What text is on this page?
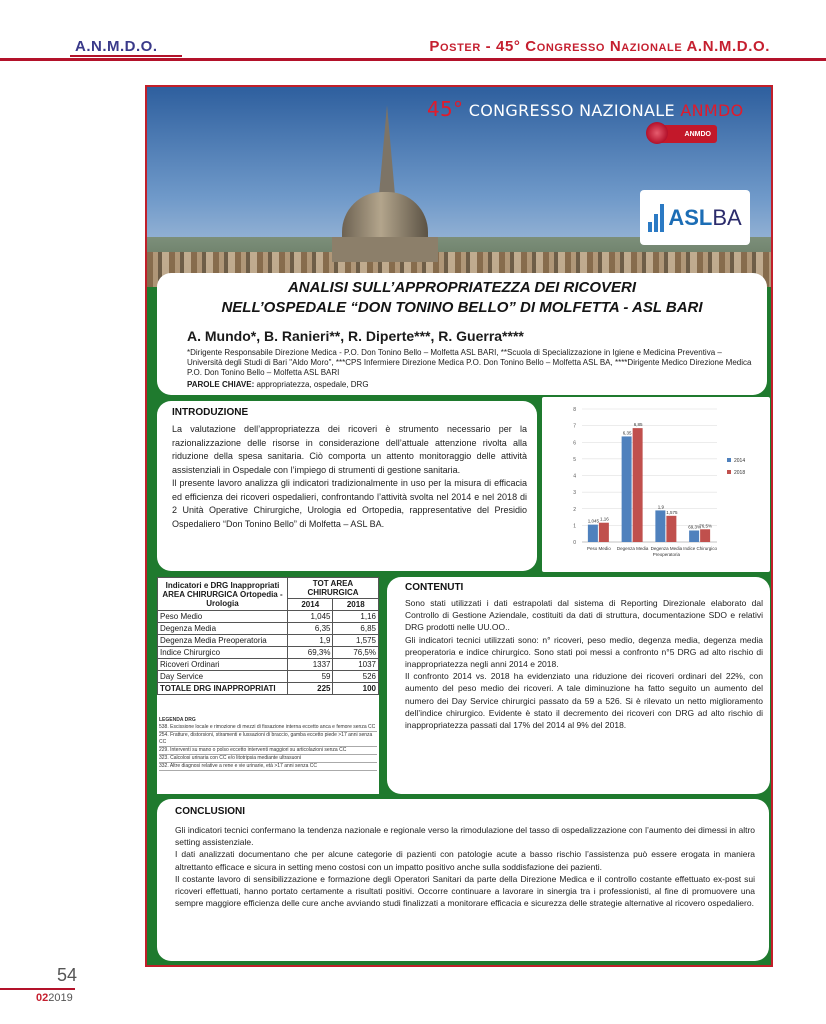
A.N.M.D.O.	Poster - 45° Congresso Nazionale A.N.M.D.O.
45° CONGRESSO NAZIONALE ANMDO
ANMDO
ASLBA
ANALISI SULL’APPROPRIATEZZA DEI RICOVERI
NELL’OSPEDALE “DON TONINO BELLO” DI MOLFETTA - ASL BARI
A. Mundo*, B. Ranieri**, R. Diperte***, R. Guerra****
*Dirigente Responsabile Direzione Medica - P.O. Don Tonino Bello – Molfetta ASL BARI, **Scuola di Specializzazione in Igiene e Medicina Preventiva – Università degli Studi di Bari "Aldo Moro", ***CPS Infermiere Direzione Medica P.O. Don Tonino Bello – Molfetta ASL BA, ****Dirigente Medico Direzione Medica P.O. Don Tonino Bello – Molfetta ASL BARI
PAROLE CHIAVE: appropriatezza, ospedale, DRG
INTRODUZIONE

La valutazione dell’appropriatezza dei ricoveri è strumento necessario per la razionalizzazione delle risorse in considerazione dell’attuale attenzione rivolta alla riduzione della spesa sanitaria. Ciò comporta un attento monitoraggio delle attività assistenziali in Ospedale con l’impiego di strumenti di gestione sanitaria.

Il presente lavoro analizza gli indicatori tradizionalmente in uso per la misura di efficacia ed efficienza dei ricoveri ospedalieri, confrontando l’attività svolta nel 2014 e nel 2018 di 2 Unità Operative Chirurgiche, Urologia ed Ortopedia, rappresentative del Presidio Ospedaliero “Don Tonino Bello” di Molfetta – ASL BA.

0
1
2
3
4
5
6
7
8
1,045 1,16
Peso Medio
6,35
6,85
Degenza Media
1,9
1,575
Degenza Media
Preoperatoria
69,3%
76,5%
Indice Chirurgico
2014
2018
Indicatori e DRG Inappropriati AREA CHIRURGICA Ortopedia - Urologia	TOT AREA CHIRURGICA	
	2014	2018
Peso Medio	1,045	1,16
Degenza Media	6,35	6,85
Degenza Media Preoperatoria	1,9	1,575
Indice Chirurgico	69,3%	76,5%
Ricoveri Ordinari	1337	1037
Day Service	59	526
TOTALE DRG INAPPROPRIATI	225	100
LEGENDA DRG
538. Escissione locale e rimozione di mezzi di fissazione interna eccetto anca e femore senza CC
254. Fratture, distorsioni, stiramenti e lussazioni di braccio, gamba eccetto piede >17 anni senza CC
229. Interventi su mano o polso eccetto interventi maggiori su articolazioni senza CC
323. Calcolosi urinaria con CC e/o litotripsia mediante ultrasuoni
332. Altre diagnosi relative a rene e vie urinarie, età >17 anni senza CC
CONTENUTI

Sono stati utilizzati i dati estrapolati dal sistema di Reporting Direzionale elaborato dal Controllo di Gestione Aziendale, costituiti da dati di struttura, documentazione SDO e relativi DRG prodotti nelle UU.OO..

Gli indicatori tecnici utilizzati sono: n° ricoveri, peso medio, degenza media, degenza media preoperatoria e indice chirurgico. Sono stati poi messi a confronto n°5 DRG ad alto rischio di inappropriatezza negli anni 2014 e 2018.

Il confronto 2014 vs. 2018 ha evidenziato una riduzione dei ricoveri ordinari del 22%, con aumento del peso medio dei ricoveri. A tale diminuzione ha fatto seguito un aumento del numero dei Day Service chirurgici passato da 59 a 526. Si è rilevato un netto miglioramento dell’indice chirurgico. Evidente è stato il decremento dei ricoveri con DRG ad alto rischio di inappropriatezza passati dal 17% del 2014 al 9% del 2018.

CONCLUSIONI

Gli indicatori tecnici confermano la tendenza nazionale e regionale verso la rimodulazione del tasso di ospedalizzazione con l’aumento dei dimessi in altro setting assistenziale.

I dati analizzati documentano che per alcune categorie di pazienti con patologie acute a basso rischio l’assistenza può essere erogata in maniera altrettanto efficace e sicura in setting meno costosi con un impatto positivo anche sulla soddisfazione dei pazienti.

Il costante lavoro di sensibilizzazione e formazione degli Operatori Sanitari da parte della Direzione Medica e il controllo costante effettuato ex-post sui ricoveri effettuati, hanno portato certamente a risultati positivi. Occorre continuare a lavorare in sinergia tra i professionisti, al fine di promuovere una sempre maggiore efficienza delle cure anche avviando studi finalizzati a monitorare efficacia e sicurezza delle strategie alternative al ricovero ospedaliero.

54
022019
